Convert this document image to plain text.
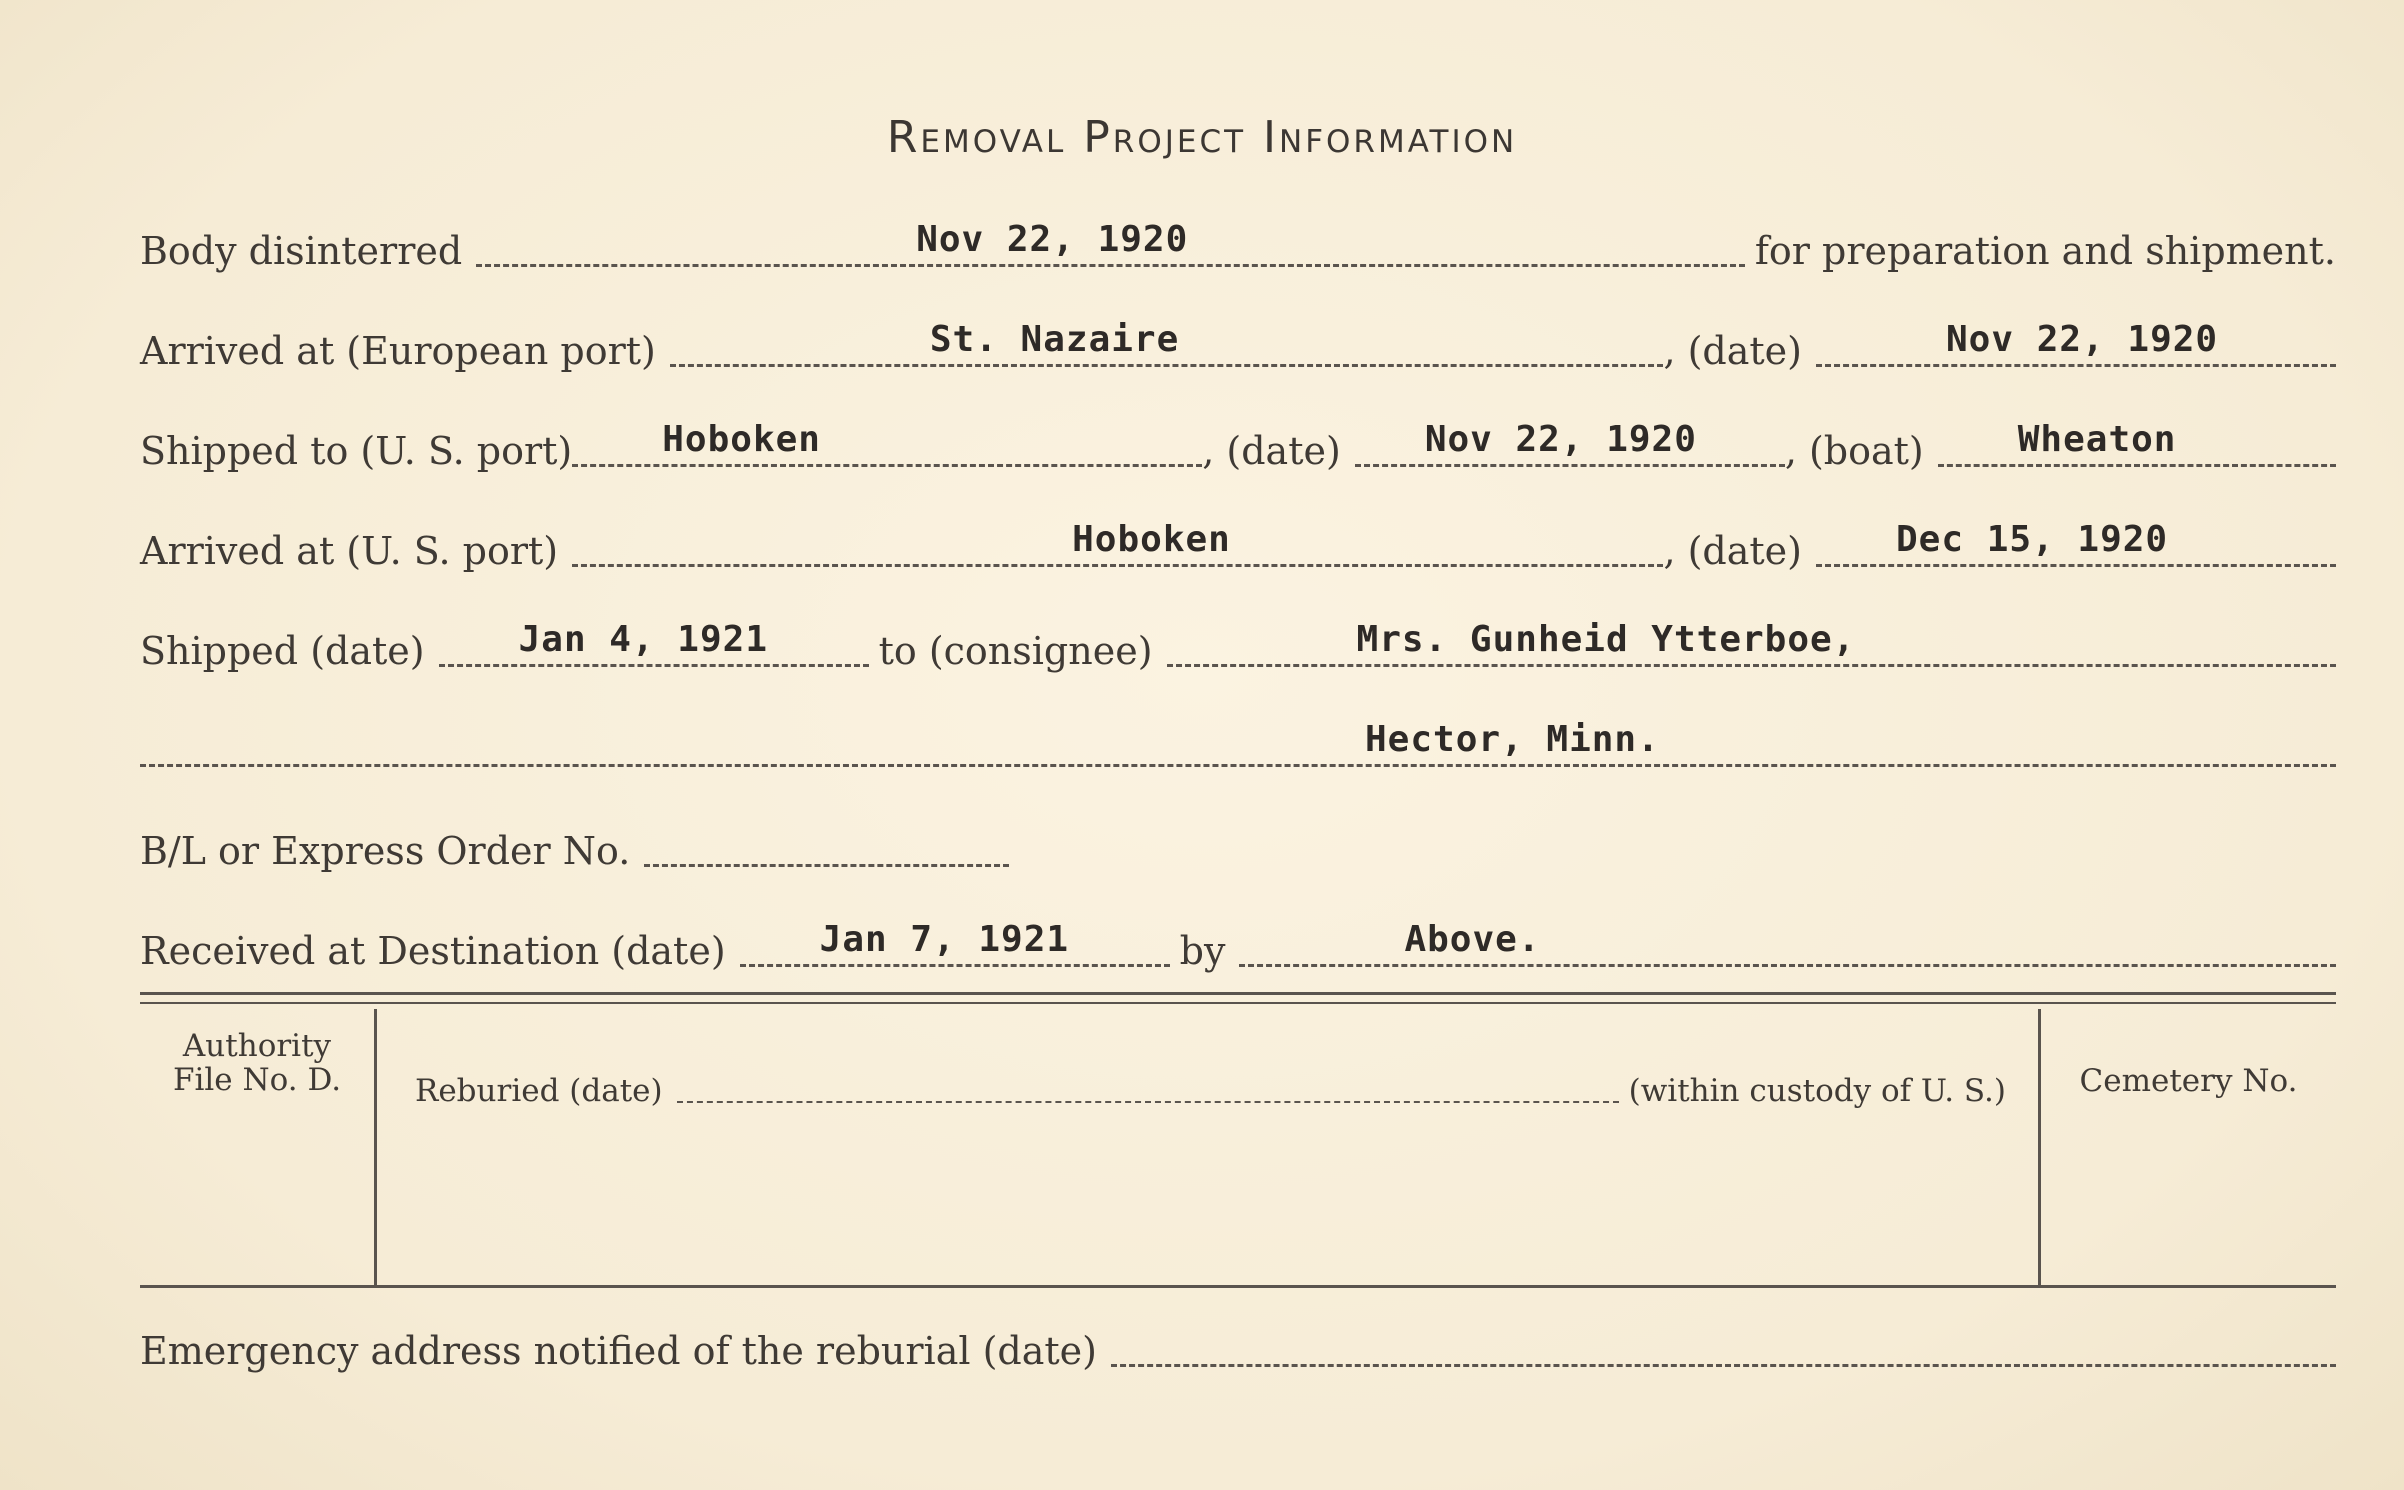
Removal Project Information
Body disinterred	Nov 22, 1920	for preparation and shipment.
Arrived at (European port)	St. Nazaire	, (date)	Nov 22, 1920
Shipped to (U. S. port)	Hoboken	, (date)	Nov 22, 1920 , (boat)	Wheaton
Arrived at (U. S. port)	Hoboken	, (date)	Dec 15, 1920
Shipped (date)	Jan 4, 1921	to (consignee)	Mrs. Gunheid Ytterboe,
Hector, Minn.
B/L or Express Order No.
Received at Destination (date)	Jan 7, 1921	by	Above.
Authority
File No. D.	Reburied (date)	(within custody of U. S.)	Cemetery No.
Emergency address notified of the reburial (date)
